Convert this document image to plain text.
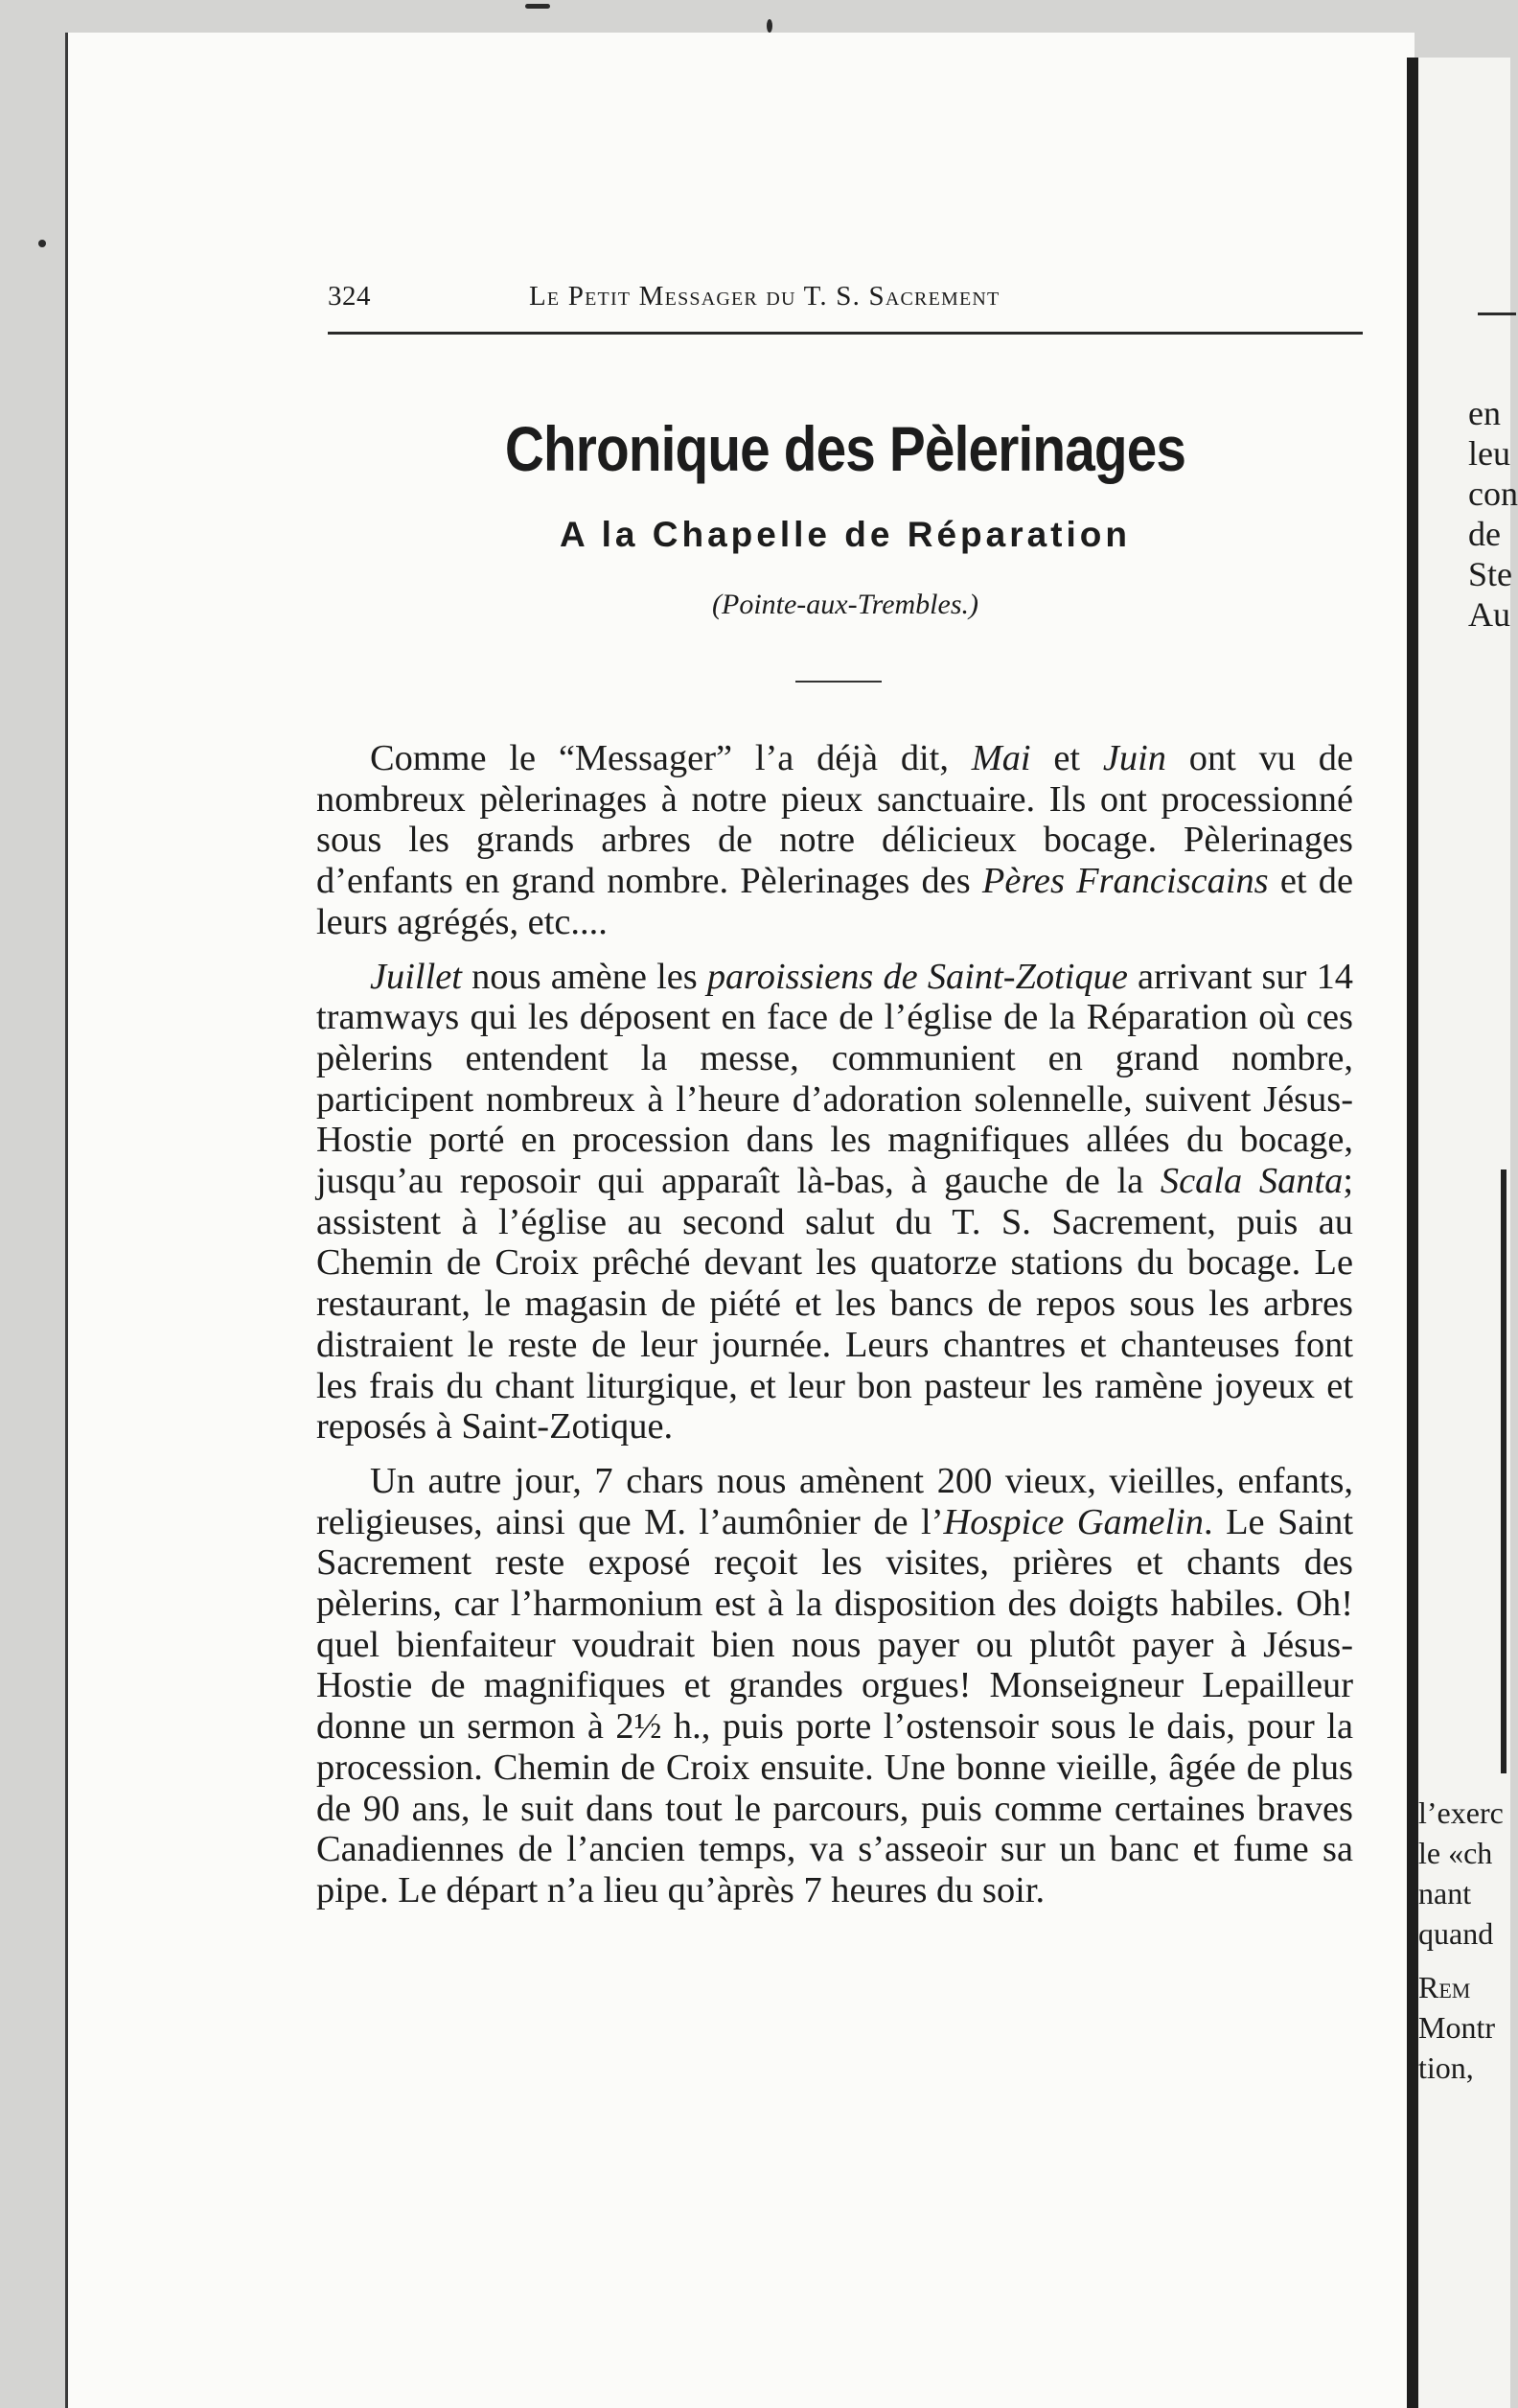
en
leu
con
de
Ste
Au
l’exerc
le «ch
nant
quand
Rem
Montr
tion,
324	Le Petit Messager du T. S. Sacrement
Chronique des Pèlerinages
A la Chapelle de Réparation
(Pointe-aux-Trembles.)

Comme le “Messager” l’a déjà dit, Mai et Juin ont vu de nombreux pèlerinages à notre pieux sanctuaire. Ils ont processionné sous les grands arbres de notre délicieux bocage. Pèlerinages d’enfants en grand nombre. Pèlerinages des Pères Franciscains et de leurs agrégés, etc....

Juillet nous amène les paroissiens de Saint-Zotique arrivant sur 14 tramways qui les déposent en face de l’église de la Réparation où ces pèlerins entendent la messe, communient en grand nombre, participent nombreux à l’heure d’adoration solennelle, suivent Jésus-Hostie porté en procession dans les magnifiques allées du bocage, jusqu’au reposoir qui apparaît là-bas, à gauche de la Scala Santa; assistent à l’église au second salut du T. S. Sacrement, puis au Chemin de Croix prêché devant les quatorze stations du bocage. Le restaurant, le magasin de piété et les bancs de repos sous les arbres distraient le reste de leur journée. Leurs chantres et chanteuses font les frais du chant liturgique, et leur bon pasteur les ramène joyeux et reposés à Saint-Zotique.

Un autre jour, 7 chars nous amènent 200 vieux, vieilles, enfants, religieuses, ainsi que M. l’aumônier de l’Hospice Gamelin. Le Saint Sacrement reste exposé reçoit les visites, prières et chants des pèlerins, car l’harmonium est à la disposition des doigts habiles. Oh! quel bienfaiteur voudrait bien nous payer ou plutôt payer à Jésus-Hostie de magnifiques et grandes orgues! Monseigneur Lepailleur donne un sermon à 2½ h., puis porte l’ostensoir sous le dais, pour la procession. Chemin de Croix ensuite. Une bonne vieille, âgée de plus de 90 ans, le suit dans tout le parcours, puis comme certaines braves Canadiennes de l’ancien temps, va s’asseoir sur un banc et fume sa pipe. Le départ n’a lieu qu’àprès 7 heures du soir.
